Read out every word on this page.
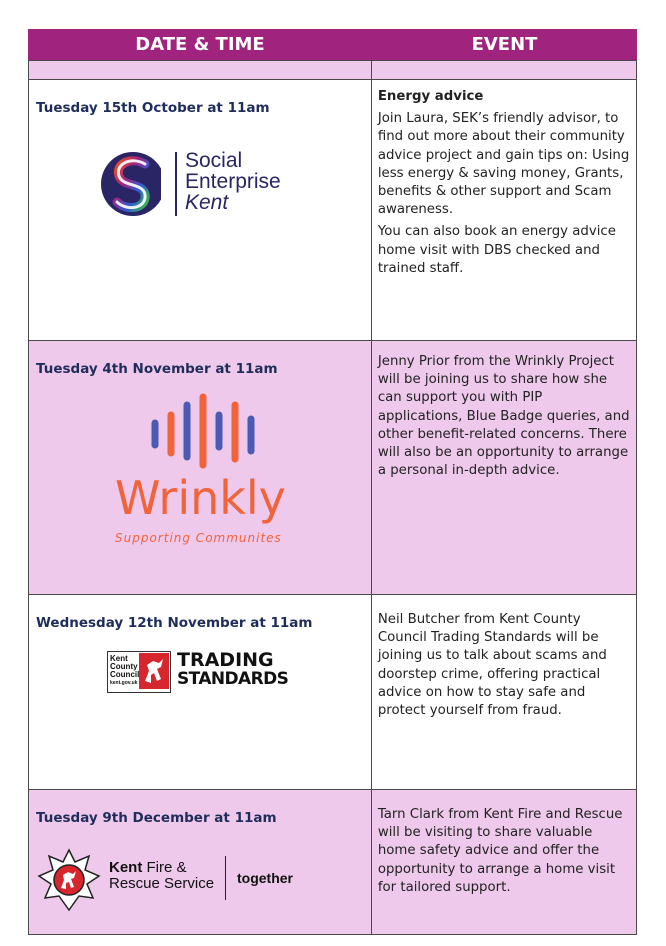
DATE & TIME	EVENT
Tuesday 15th October at 11am
Social
Enterprise
Kent

Energy advice

Join Laura, SEK’s friendly advisor, to find out more about their community advice project and gain tips on: Using less energy & saving money, Grants, benefits & other support and Scam awareness.

You can also book an energy advice home visit with DBS checked and trained staff.

Tuesday 4th November at 11am
Wrinkly
Supporting Communites

Jenny Prior from the Wrinkly Project will be joining us to share how she can support you with PIP applications, Blue Badge queries, and other benefit-related concerns. There will also be an opportunity to arrange a personal in-depth advice.

Wednesday 12th November at 11am
Kent
County
Council
kent.gov.uk
TRADING
STANDARDS

Neil Butcher from Kent County Council Trading Standards will be joining us to talk about scams and doorstep crime, offering practical advice on how to stay safe and protect yourself from fraud.

Tuesday 9th December at 11am
Kent Fire &
Rescue Service together

Tarn Clark from Kent Fire and Rescue will be visiting to share valuable home safety advice and offer the opportunity to arrange a home visit for tailored support.
